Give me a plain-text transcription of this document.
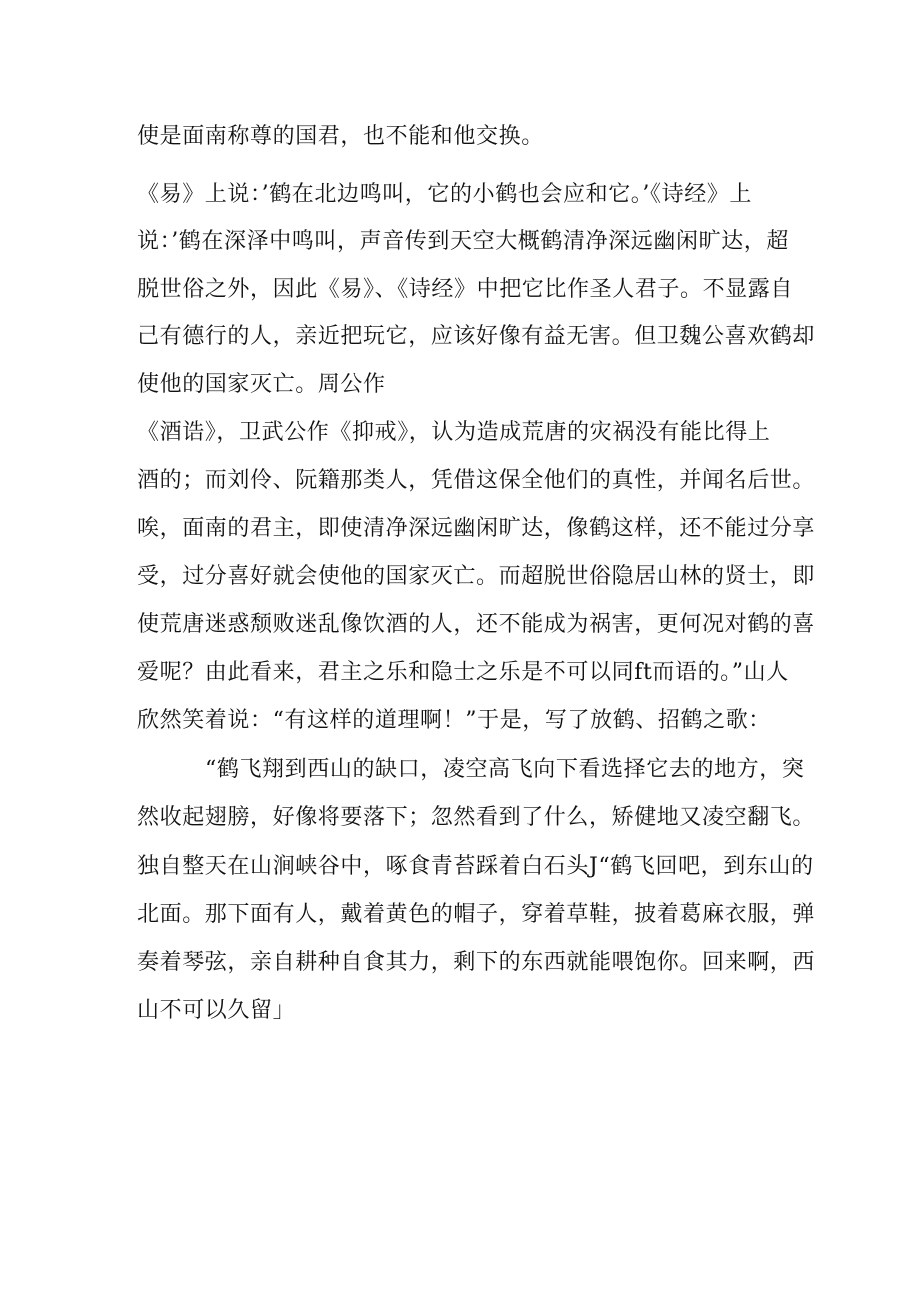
使是面南称尊的国君，也不能和他交换。
《易》上说：’鹤在北边鸣叫，它的小鹤也会应和它。’《诗经》上
说：’鹤在深泽中鸣叫，声音传到天空大概鹤清净深远幽闲旷达，超
脱世俗之外，因此《易》、《诗经》中把它比作圣人君子。不显露自
己有德行的人，亲近把玩它，应该好像有益无害。但卫魏公喜欢鹤却
使他的国家灭亡。周公作
《酒诰》，卫武公作《抑戒》，认为造成荒唐的灾祸没有能比得上
酒的；而刘伶、阮籍那类人，凭借这保全他们的真性，并闻名后世。
唉，面南的君主，即使清净深远幽闲旷达，像鹤这样，还不能过分享
受，过分喜好就会使他的国家灭亡。而超脱世俗隐居山林的贤士，即
使荒唐迷惑颓败迷乱像饮酒的人，还不能成为祸害，更何况对鹤的喜
爱呢？由此看来，君主之乐和隐士之乐是不可以同ft而语的。”山人
欣然笑着说：“有这样的道理啊！”于是，写了放鹤、招鹤之歌：
“鹤飞翔到西山的缺口，凌空高飞向下看选择它去的地方，突
然收起翅膀，好像将要落下；忽然看到了什么，矫健地又凌空翻飞。
独自整天在山涧峡谷中，啄食青苔踩着白石头J“鹤飞回吧，到东山的
北面。那下面有人，戴着黄色的帽子，穿着草鞋，披着葛麻衣服，弹
奏着琴弦，亲自耕种自食其力，剩下的东西就能喂饱你。回来啊，西
山不可以久留」
